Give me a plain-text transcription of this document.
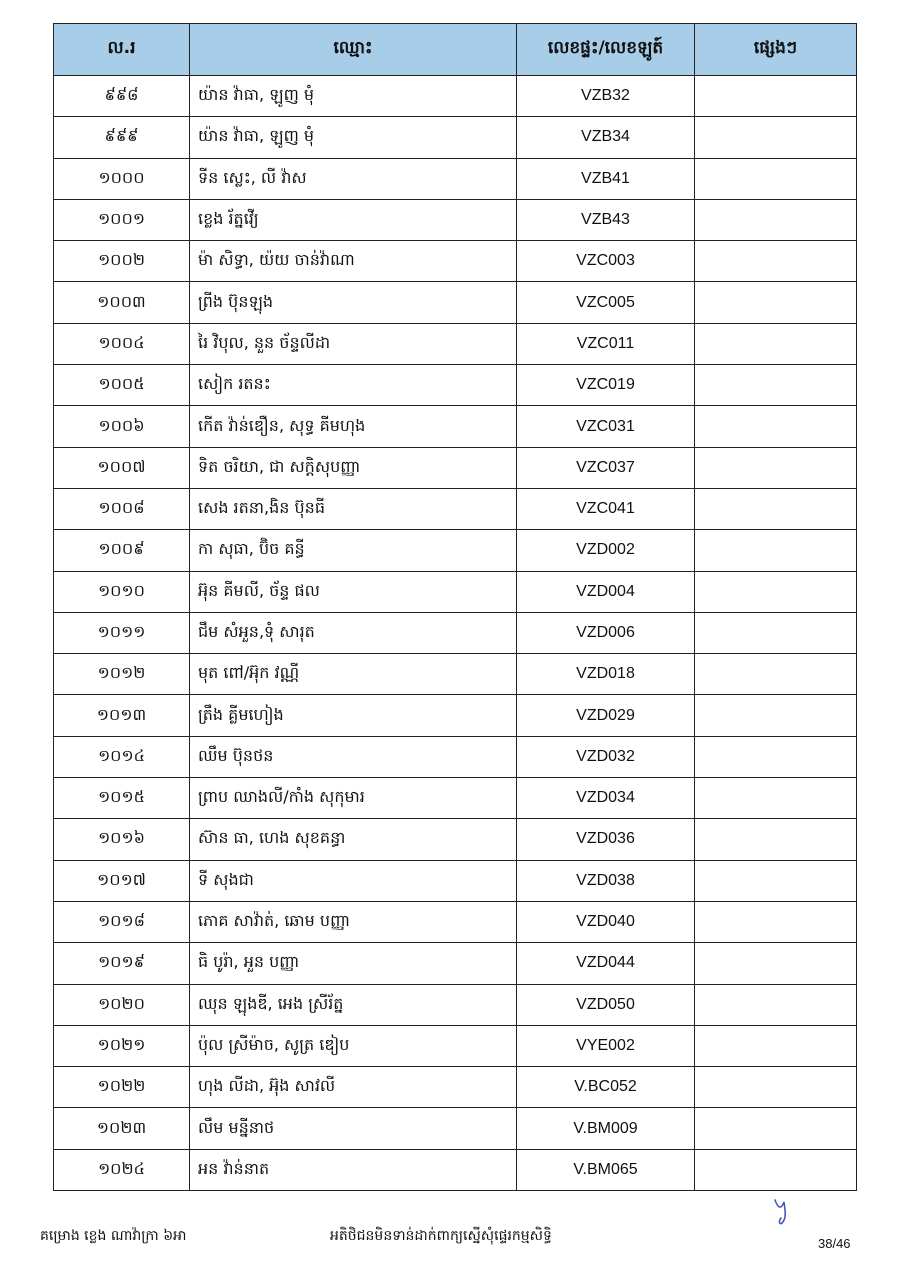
ល.រ	ឈ្មោះ	លេខផ្ទះ/លេខឡូត៍	ផ្សេងៗ
៩៩៨	យ៉ាន វ៉ាធា, ឡូញ មុំ	VZB32	
៩៩៩	យ៉ាន វ៉ាធា, ឡូញ មុំ	VZB34	
១០០០	ទីន ស្លេះ, លី វ៉ាស	VZB41	
១០០១	ខ្លេង រ័ត្នវើ្យ	VZB43	
១០០២	ម៉ា សិទ្ធា, យ៉យ ចាន់វ៉ាណា	VZC003	
១០០៣	ព្រីង ប៊ុនឡុង	VZC005	
១០០៤	រៃ វិបុល, នួន ច័ន្ទលីដា	VZC011	
១០០៥	សៀក រតនះ	VZC019	
១០០៦	កើត វ៉ាន់ឌឿន, សុទ្ធ គីមហុង	VZC031	
១០០៧	ទិត ចរិយា, ជា សក្តិសុបញ្ញា	VZC037	
១០០៨	សេង រតនា,ងិន ប៊ុនធី	VZC041	
១០០៩	កា សុធា, ប៊ិច គន្ធី	VZD002	
១០១០	អ៊ុន គីមលី, ច័ន្ទ ផល	VZD004	
១០១១	ជឹម សំអួន,ទុំ សារុត	VZD006	
១០១២	មុត ពៅ/អ៊ុក វណ្ណី	VZD018	
១០១៣	ត្រឹង គ្លីមហៀង	VZD029	
១០១៤	ឈឹម ប៊ុនថន	VZD032	
១០១៥	ព្រាប ឈាងលី/កាំង សុកុមារ	VZD034	
១០១៦	ស៊ាន ធា, ហេង សុខគន្ធា	VZD036	
១០១៧	ទី សុងជា	VZD038	
១០១៨	ភោគ សាវ៉ាត់, ឆោម បញ្ញា	VZD040	
១០១៩	ធិ បូរ៉ា, អួន បញ្ញា	VZD044	
១០២០	ឈុន ឡុងឌី, អេង ស្រីរ័ត្ន	VZD050	
១០២១	ប៉ុល ស្រីម៉ាច, សូត្រ ឌៀប	VYE002	
១០២២	ហុង លីដា, អ៊ុង សាវលី	V.BC052	
១០២៣	លឹម មន្នីនាថ	V.BM009	
១០២៤	អន វ៉ាន់នាត	V.BM065	
គម្រោង ខ្លេង ណាវ៉ាក្រា ៦អា	អតិថិជនមិនទាន់ដាក់ពាក្យស្នើសុំផ្ទេរកម្មសិទ្ធិ	38/46
